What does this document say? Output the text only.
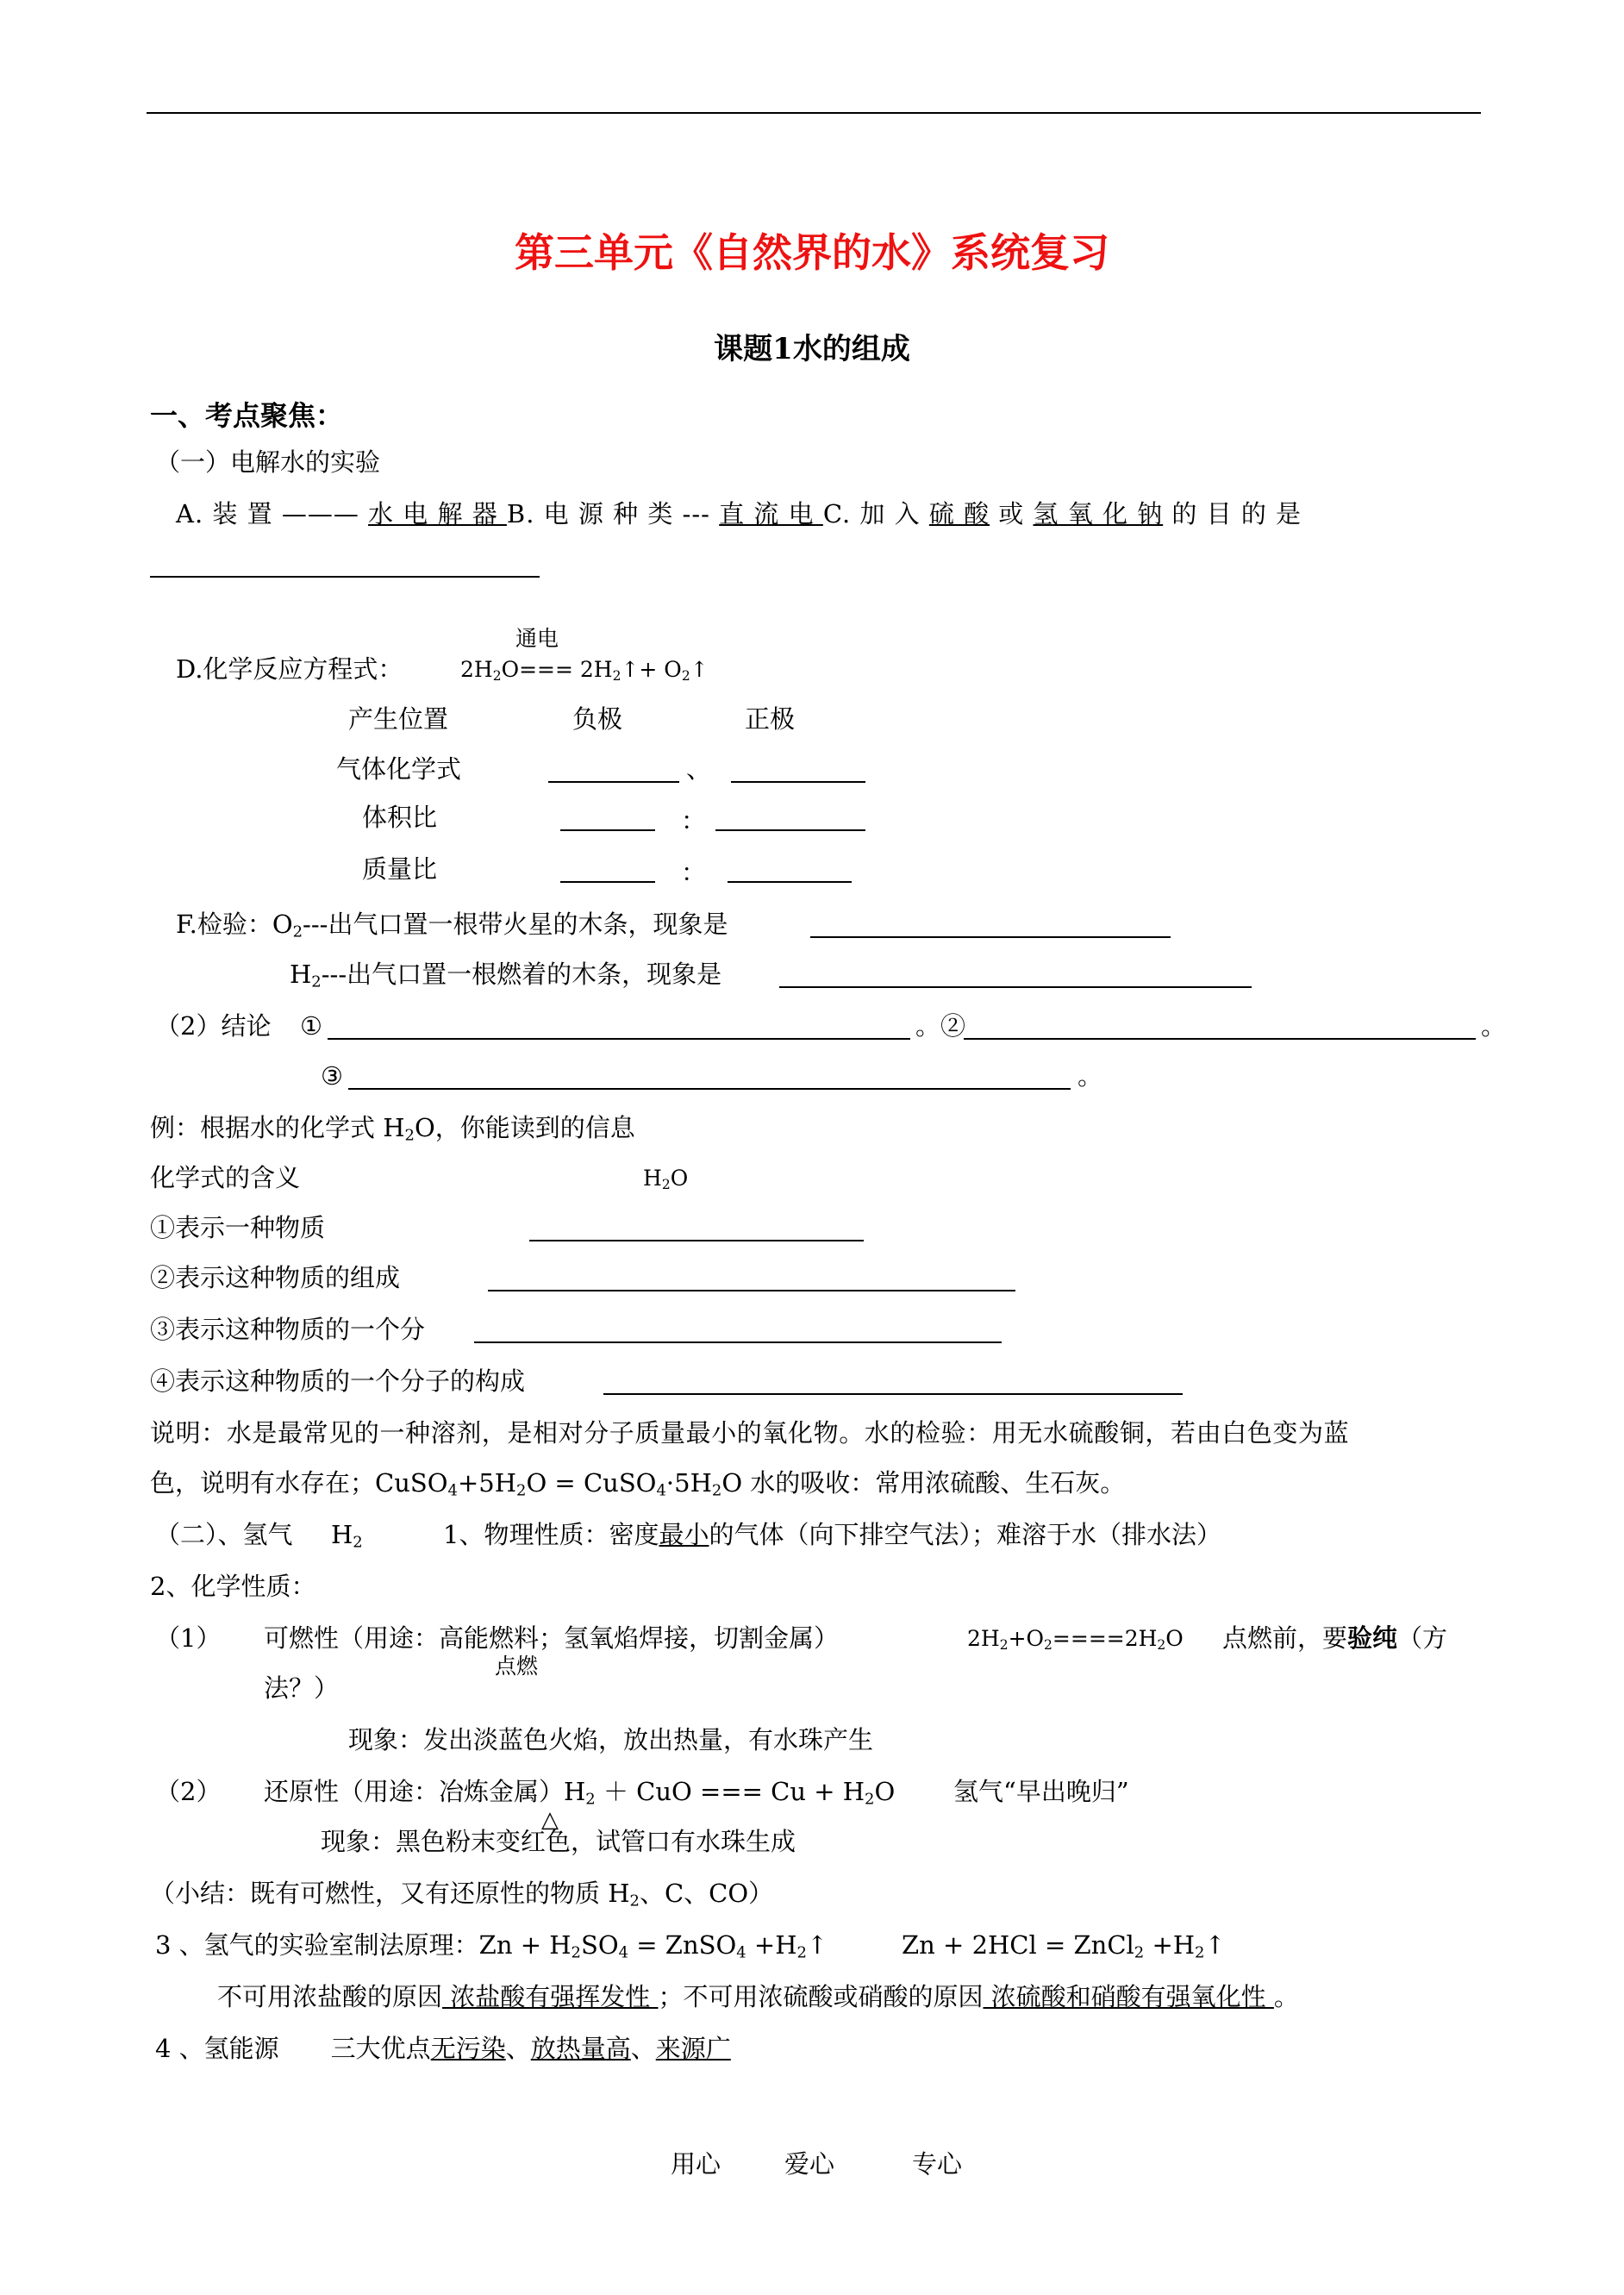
第三单元《自然界的水》系统复习
课题1水的组成
一、考点聚焦：
（一）电解水的实验
A. 装 置 ——— 水 电 解 器 B. 电 源 种 类 --- 直 流 电 C. 加 入 硫 酸 或 氢 氧 化 钠 的 目 的 是
通电
D.化学反应方程式：	$2H_2O===$ $2H_2↑+$ $O_2↑$
产生位置	负极	正极
气体化学式	、
体积比	：
质量比	：
F.检验：$O_2---$出气口置一根带火星的木条，现象是
$H_2---$出气口置一根燃着的木条，现象是
（2）结论 ①	。②	。
③	。
例：根据水的化学式 $H_2O$，你能读到的信息
化学式的含义	$H_2O$
①表示一种物质
②表示这种物质的组成
③表示这种物质的一个分
④表示这种物质的一个分子的构成
说明：水是最常见的一种溶剂，是相对分子质量最小的氧化物。水的检验：用无水硫酸铜，若由白色变为蓝
色，说明有水存在；$CuSO_4+5H_2O$ = $CuSO_4\cdot 5H_2O$ 水的吸收：常用浓硫酸、生石灰。
（二）、氢气 $H_2$	1、物理性质：密度最小的气体（向下排空气法）；难溶于水（排水法）
2、化学性质：
（1） 可燃性（用途：高能燃料；氢氧焰焊接，切割金属）	$2H_2+O_2====2H_2O$ 点燃前，要验纯（方
点燃
法？）
现象：发出淡蓝色火焰，放出热量，有水珠产生
（2） 还原性（用途：冶炼金属）$H_2$ ＋ CuO === $Cu + H_2O$ 氢气“早出晚归”
△
现象：黑色粉末变红色，试管口有水珠生成
（小结：既有可燃性，又有还原性的物质 $H_2$、C、CO）
3 、氢气的实验室制法原理：$Zn + H_2SO_4$ = ZnSO$_4$ $+H_2↑$	Zn + 2HCl = ZnCl$_2$ $+H_2↑$
不可用浓盐酸的原因 浓盐酸有强挥发性 ；不可用浓硫酸或硝酸的原因 浓硫酸和硝酸有强氧化性 。
4 、氢能源 三大优点无污染、放热量高、来源广
用心	爱心	专心
